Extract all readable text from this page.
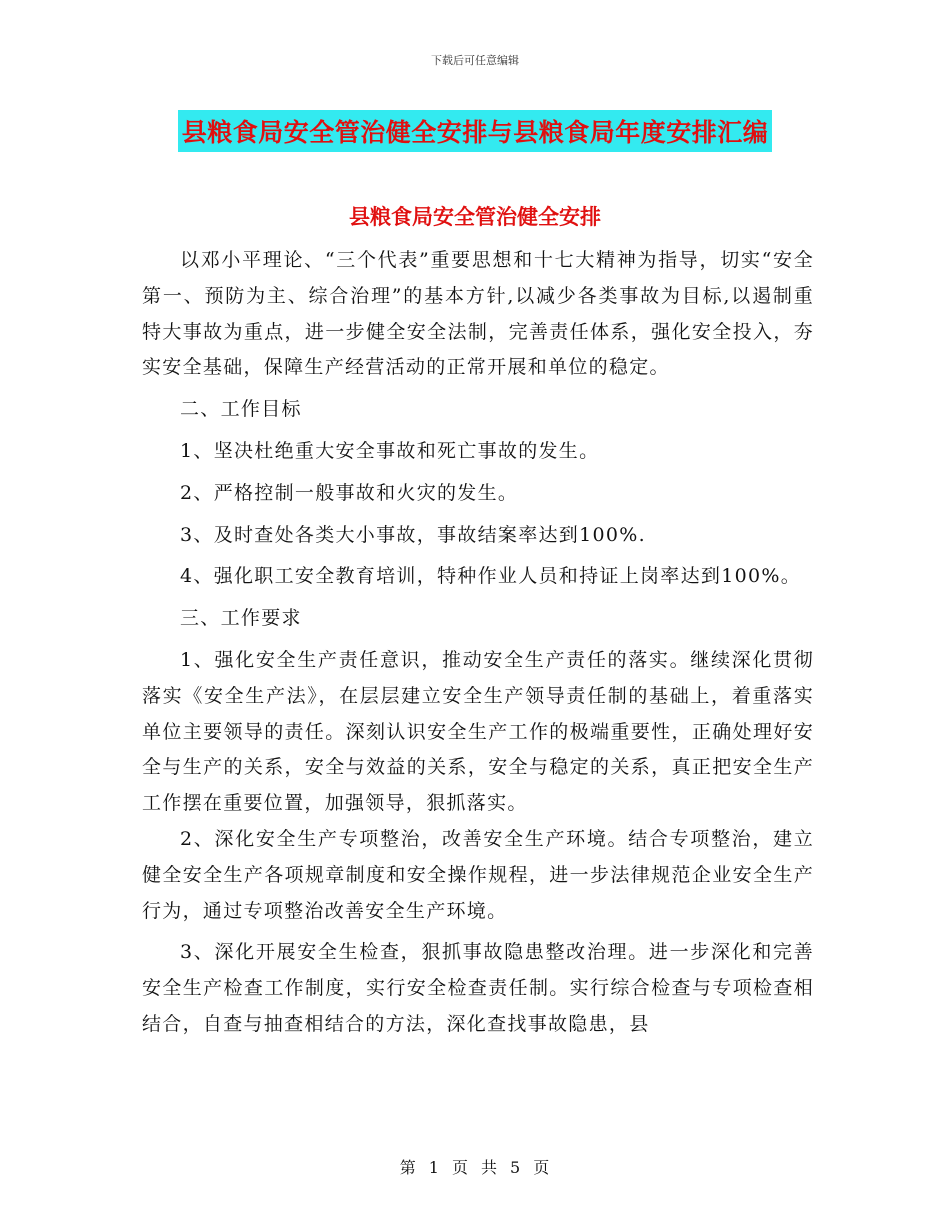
下载后可任意编辑
县粮食局安全管治健全安排与县粮食局年度安排汇编
县粮食局安全管治健全安排

以邓小平理论、“三个代表”重要思想和十七大精神为指导，切实“安全第一、预防为主、综合治理”的基本方针,以减少各类事故为目标,以遏制重特大事故为重点，进一步健全安全法制，完善责任体系，强化安全投入，夯实安全基础，保障生产经营活动的正常开展和单位的稳定。

二、工作目标

1、坚决杜绝重大安全事故和死亡事故的发生。

2、严格控制一般事故和火灾的发生。

3、及时查处各类大小事故，事故结案率达到100%.

4、强化职工安全教育培训，特种作业人员和持证上岗率达到100%。

三、工作要求

1、强化安全生产责任意识，推动安全生产责任的落实。继续深化贯彻落实《安全生产法》，在层层建立安全生产领导责任制的基础上，着重落实单位主要领导的责任。深刻认识安全生产工作的极端重要性，正确处理好安全与生产的关系，安全与效益的关系，安全与稳定的关系，真正把安全生产工作摆在重要位置，加强领导，狠抓落实。

2、深化安全生产专项整治，改善安全生产环境。结合专项整治，建立健全安全生产各项规章制度和安全操作规程，进一步法律规范企业安全生产行为，通过专项整治改善安全生产环境。

3、深化开展安全生检查，狠抓事故隐患整改治理。进一步深化和完善安全生产检查工作制度，实行安全检查责任制。实行综合检查与专项检查相结合，自查与抽查相结合的方法，深化查找事故隐患，县

第 1 页 共 5 页
